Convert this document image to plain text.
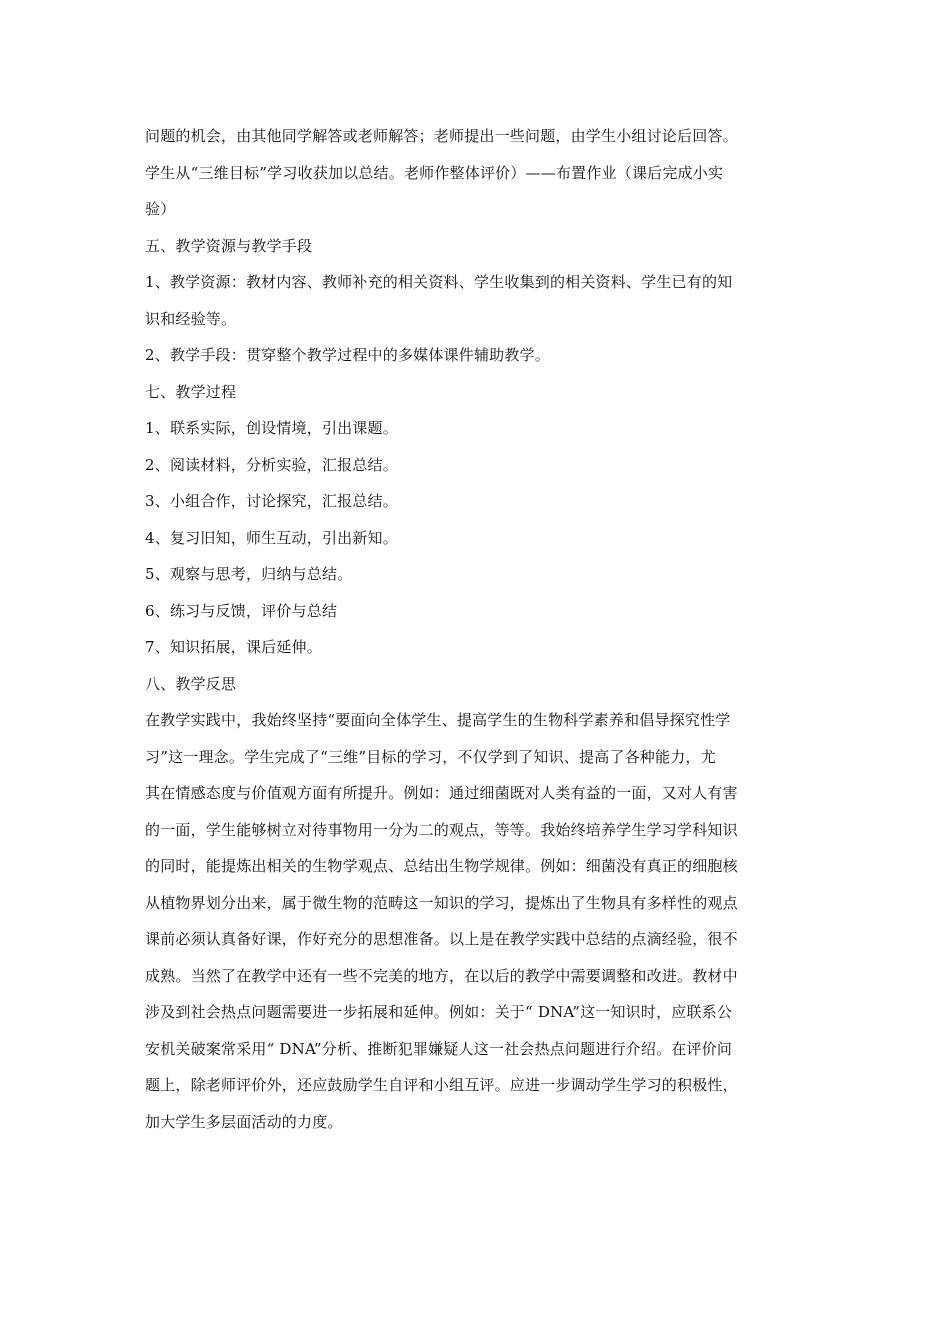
问题的机会，由其他同学解答或老师解答；老师提出一些问题，由学生小组讨论后回答。
学生从“三维目标”学习收获加以总结。老师作整体评价）——布置作业（课后完成小实
验）
五、教学资源与教学手段
1、教学资源：教材内容、教师补充的相关资料、学生收集到的相关资料、学生已有的知
识和经验等。
2、教学手段：贯穿整个教学过程中的多媒体课件辅助教学。
七、教学过程
1、联系实际，创设情境，引出课题。
2、阅读材料，分析实验，汇报总结。
3、小组合作，讨论探究，汇报总结。
4、复习旧知，师生互动，引出新知。
5、观察与思考，归纳与总结。
6、练习与反馈，评价与总结
7、知识拓展，课后延伸。
八、教学反思
在教学实践中，我始终坚持“要面向全体学生、提高学生的生物科学素养和倡导探究性学
习”这一理念。学生完成了“三维”目标的学习，不仅学到了知识、提高了各种能力，尤
其在情感态度与价值观方面有所提升。例如：通过细菌既对人类有益的一面，又对人有害
的一面，学生能够树立对待事物用一分为二的观点，等等。我始终培养学生学习学科知识
的同时，能提炼出相关的生物学观点、总结出生物学规律。例如：细菌没有真正的细胞核
从植物界划分出来，属于微生物的范畴这一知识的学习，提炼出了生物具有多样性的观点
课前必须认真备好课，作好充分的思想准备。以上是在教学实践中总结的点滴经验，很不
成熟。当然了在教学中还有一些不完美的地方，在以后的教学中需要调整和改进。教材中
涉及到社会热点问题需要进一步拓展和延伸。例如：关于“ DNA”这一知识时，应联系公
安机关破案常采用“ DNA”分析、推断犯罪嫌疑人这一社会热点问题进行介绍。在评价问
题上，除老师评价外，还应鼓励学生自评和小组互评。应进一步调动学生学习的积极性，
加大学生多层面活动的力度。
